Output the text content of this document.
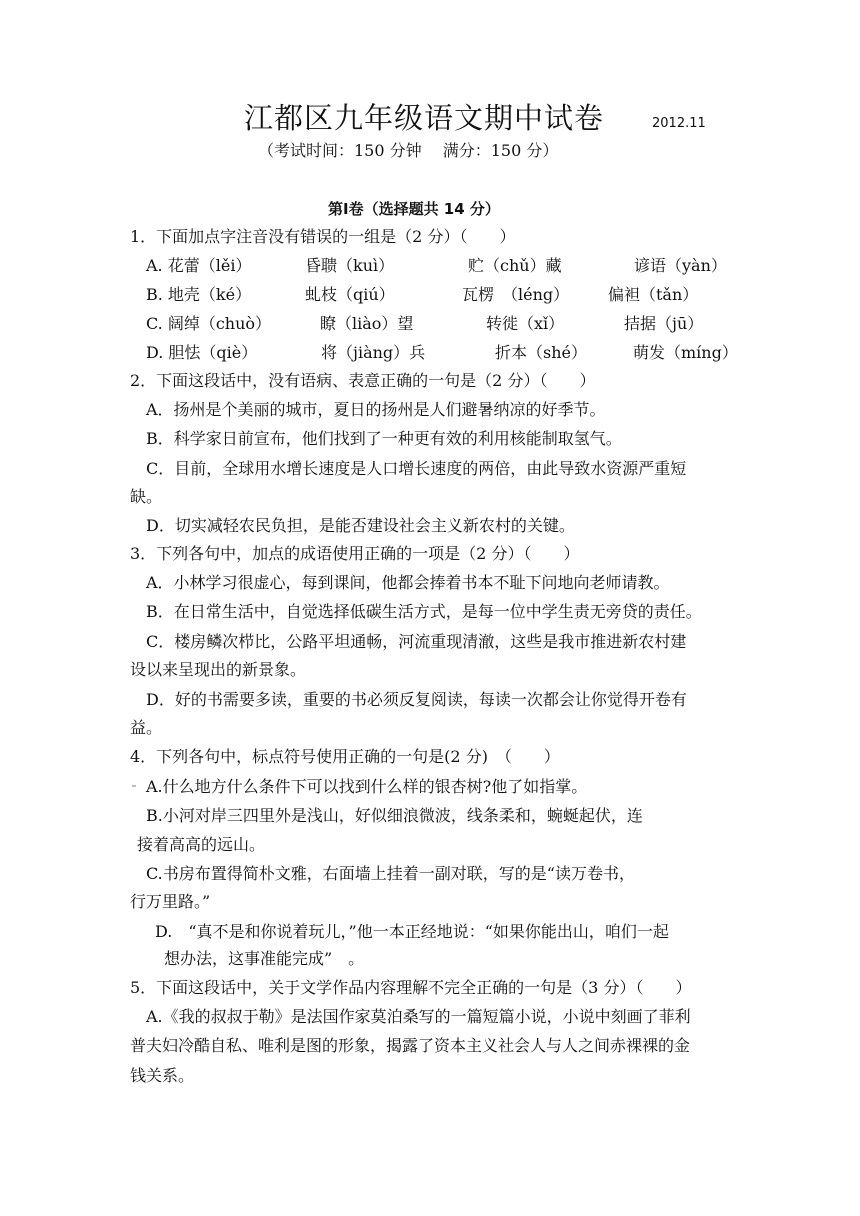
江都区九年级语文期中试卷	2012.11
（考试时间：150 分钟　 满分：150 分）
第Ⅰ卷（选择题共 14 分）
1．下面加点字注音没有错误的一组是（2 分）（　　）
A. 花蕾（lěi）	昏聩（kuì）	贮（chǔ）藏	谚语（yàn）
B. 地壳（ké）	虬枝（qiú）	瓦楞　（léng） 偏袒（tǎn）
C. 阔绰（chuò）	瞭（liào）望	转徙（xǐ）	拮据（jū）
D. 胆怯（qiè）	将（jiàng）兵	折本（shé）	萌发（míng）
2．下面这段话中，没有语病、表意正确的一句是（2 分）（　　）
A．扬州是个美丽的城市，夏日的扬州是人们避暑纳凉的好季节。
B．科学家日前宣布，他们找到了一种更有效的利用核能制取氢气。
C．目前，全球用水增长速度是人口增长速度的两倍，由此导致水资源严重短
缺。
D．切实减轻农民负担，是能否建设社会主义新农村的关键。
3．下列各句中，加点的成语使用正确的一项是（2 分）（　　）
A．小林学习很虚心，每到课间，他都会捧着书本不耻下问地向老师请教。
B．在日常生活中，自觉选择低碳生活方式，是每一位中学生责无旁贷的责任。
C．楼房鳞次栉比，公路平坦通畅，河流重现清澈，这些是我市推进新农村建
设以来呈现出的新景象。
D．好的书需要多读，重要的书必须反复阅读，每读一次都会让你觉得开卷有
益。
4．下列各句中，标点符号使用正确的一句是(2 分)　（　　）
A.什么地方什么条件下可以找到什么样的银杏树?他了如指掌。
B.小河对岸三四里外是浅山，好似细浪微波，线条柔和，蜿蜒起伏，连
接着高高的远山。
C.书房布置得简朴文雅，右面墙上挂着一副对联，写的是“读万卷书，
行万里路。”
D.　“真不是和你说着玩儿，”他一本正经地说：“如果你能出山，咱们一起
想办法，这事准能完成”　。
5．下面这段话中，关于文学作品内容理解不完全正确的一句是（3 分）（　　）
A.《我的叔叔于勒》是法国作家莫泊桑写的一篇短篇小说，小说中刻画了菲利
普夫妇冷酷自私、唯利是图的形象，揭露了资本主义社会人与人之间赤裸裸的金
钱关系。
